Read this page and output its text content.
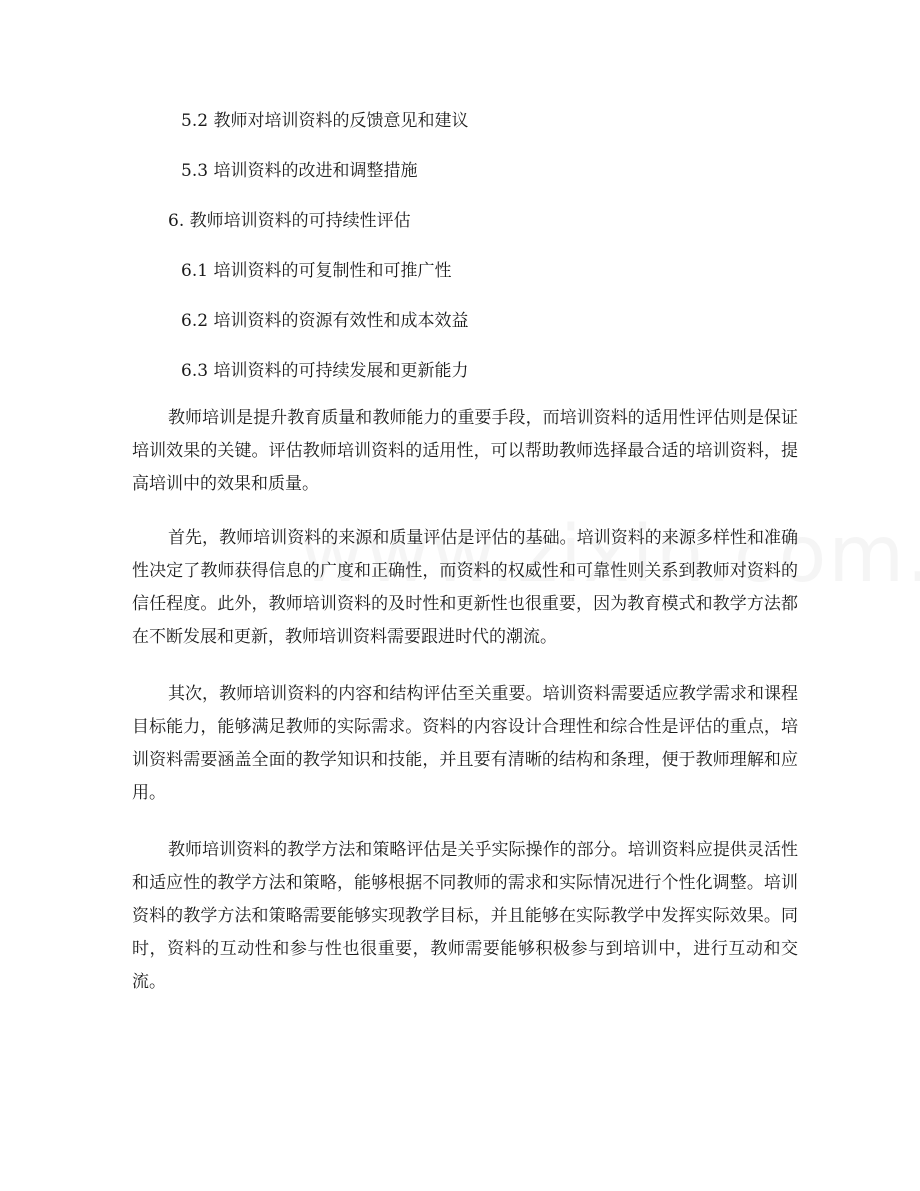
5.2 教师对培训资料的反馈意见和建议

5.3 培训资料的改进和调整措施

6. 教师培训资料的可持续性评估

6.1 培训资料的可复制性和可推广性

6.2 培训资料的资源有效性和成本效益

6.3 培训资料的可持续发展和更新能力

教师培训是提升教育质量和教师能力的重要手段，而培训资料的适用性评估则是保证培训效果的关键。评估教师培训资料的适用性，可以帮助教师选择最合适的培训资料，提高培训中的效果和质量。

首先，教师培训资料的来源和质量评估是评估的基础。培训资料的来源多样性和准确性决定了教师获得信息的广度和正确性，而资料的权威性和可靠性则关系到教师对资料的信任程度。此外，教师培训资料的及时性和更新性也很重要，因为教育模式和教学方法都在不断发展和更新，教师培训资料需要跟进时代的潮流。

其次，教师培训资料的内容和结构评估至关重要。培训资料需要适应教学需求和课程目标能力，能够满足教师的实际需求。资料的内容设计合理性和综合性是评估的重点，培训资料需要涵盖全面的教学知识和技能，并且要有清晰的结构和条理，便于教师理解和应用。

教师培训资料的教学方法和策略评估是关乎实际操作的部分。培训资料应提供灵活性和适应性的教学方法和策略，能够根据不同教师的需求和实际情况进行个性化调整。培训资料的教学方法和策略需要能够实现教学目标，并且能够在实际教学中发挥实际效果。同时，资料的互动性和参与性也很重要，教师需要能够积极参与到培训中，进行互动和交流。
